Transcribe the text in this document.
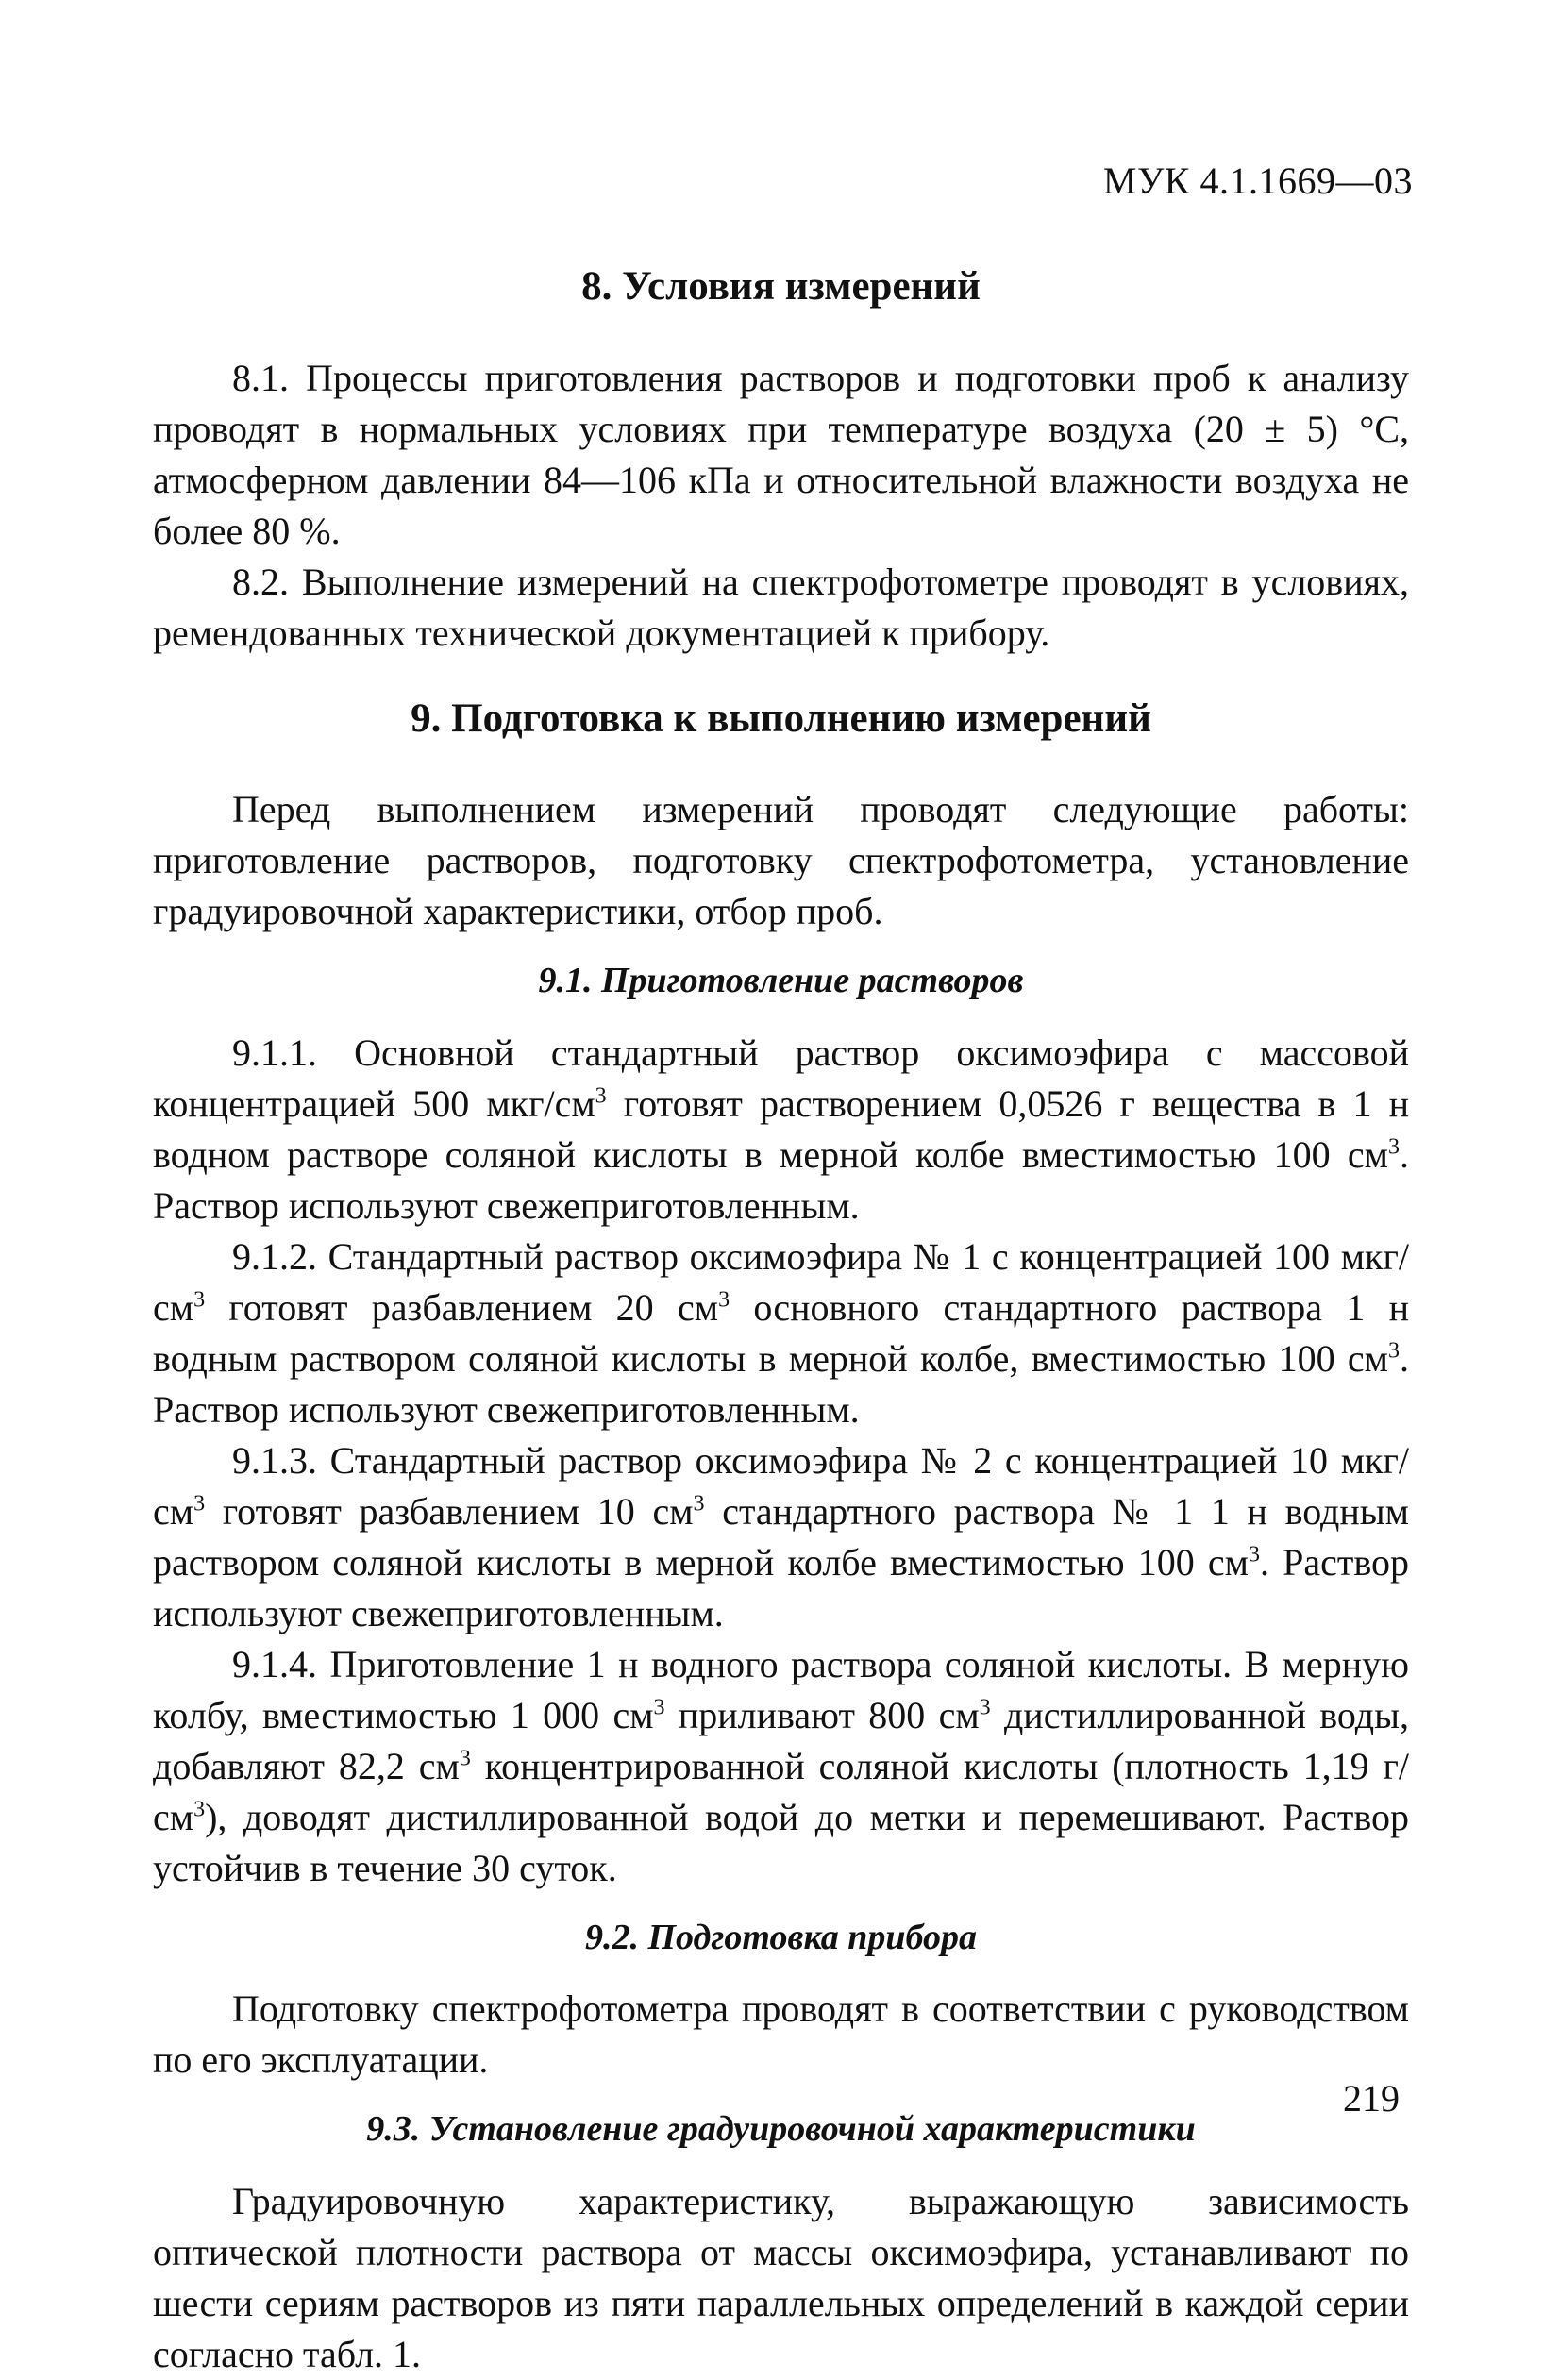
МУК 4.1.1669—03
8. Условия измерений

8.1. Процессы приготовления растворов и подготовки проб к анализу проводят в нормальных условиях при температуре воздуха (20 ± 5) °С, атмосферном давлении 84—106 кПа и относительной влажности воздуха не более 80 %.

8.2. Выполнение измерений на спектрофотометре проводят в условиях, ремендованных технической документацией к прибору.

9. Подготовка к выполнению измерений

Перед выполнением измерений проводят следующие работы: приготовление растворов, подготовку спектрофотометра, установление градуировочной характеристики, отбор проб.

9.1. Приготовление растворов

9.1.1. Основной стандартный раствор оксимоэфира с массовой концентрацией 500 мкг/$см^3$ готовят растворением 0,0526 г вещества в 1 н водном растворе соляной кислоты в мерной колбе вместимостью 100 $см^3$. Раствор используют свежеприготовленным.

9.1.2. Стандартный раствор оксимоэфира № 1 с концентрацией 100 мкг/$см^3$ готовят разбавлением 20 $см^3$ основного стандартного раствора 1 н водным раствором соляной кислоты в мерной колбе, вместимостью 100 $см^3$. Раствор используют свежеприготовленным.

9.1.3. Стандартный раствор оксимоэфира № 2 с концентрацией 10 мкг/$см^3$ готовят разбавлением 10 $см^3$ стандартного раствора № 1 1 н водным раствором соляной кислоты в мерной колбе вместимостью 100 $см^3$. Раствор используют свежеприготовленным.

9.1.4. Приготовление 1 н водного раствора соляной кислоты. В мерную колбу, вместимостью 1 000 $см^3$ приливают 800 $см^3$ дистиллированной воды, добавляют 82,2 $см^3$ концентрированной соляной кислоты (плотность 1,19 $г/см^3$), доводят дистиллированной водой до метки и перемешивают. Раствор устойчив в течение 30 суток.

9.2. Подготовка прибора

Подготовку спектрофотометра проводят в соответствии с руководством по его эксплуатации.

9.3. Установление градуировочной характеристики

Градуировочную характеристику, выражающую зависимость оптической плотности раствора от массы оксимоэфира, устанавливают по шести сериям растворов из пяти параллельных определений в каждой серии согласно табл. 1.

219
